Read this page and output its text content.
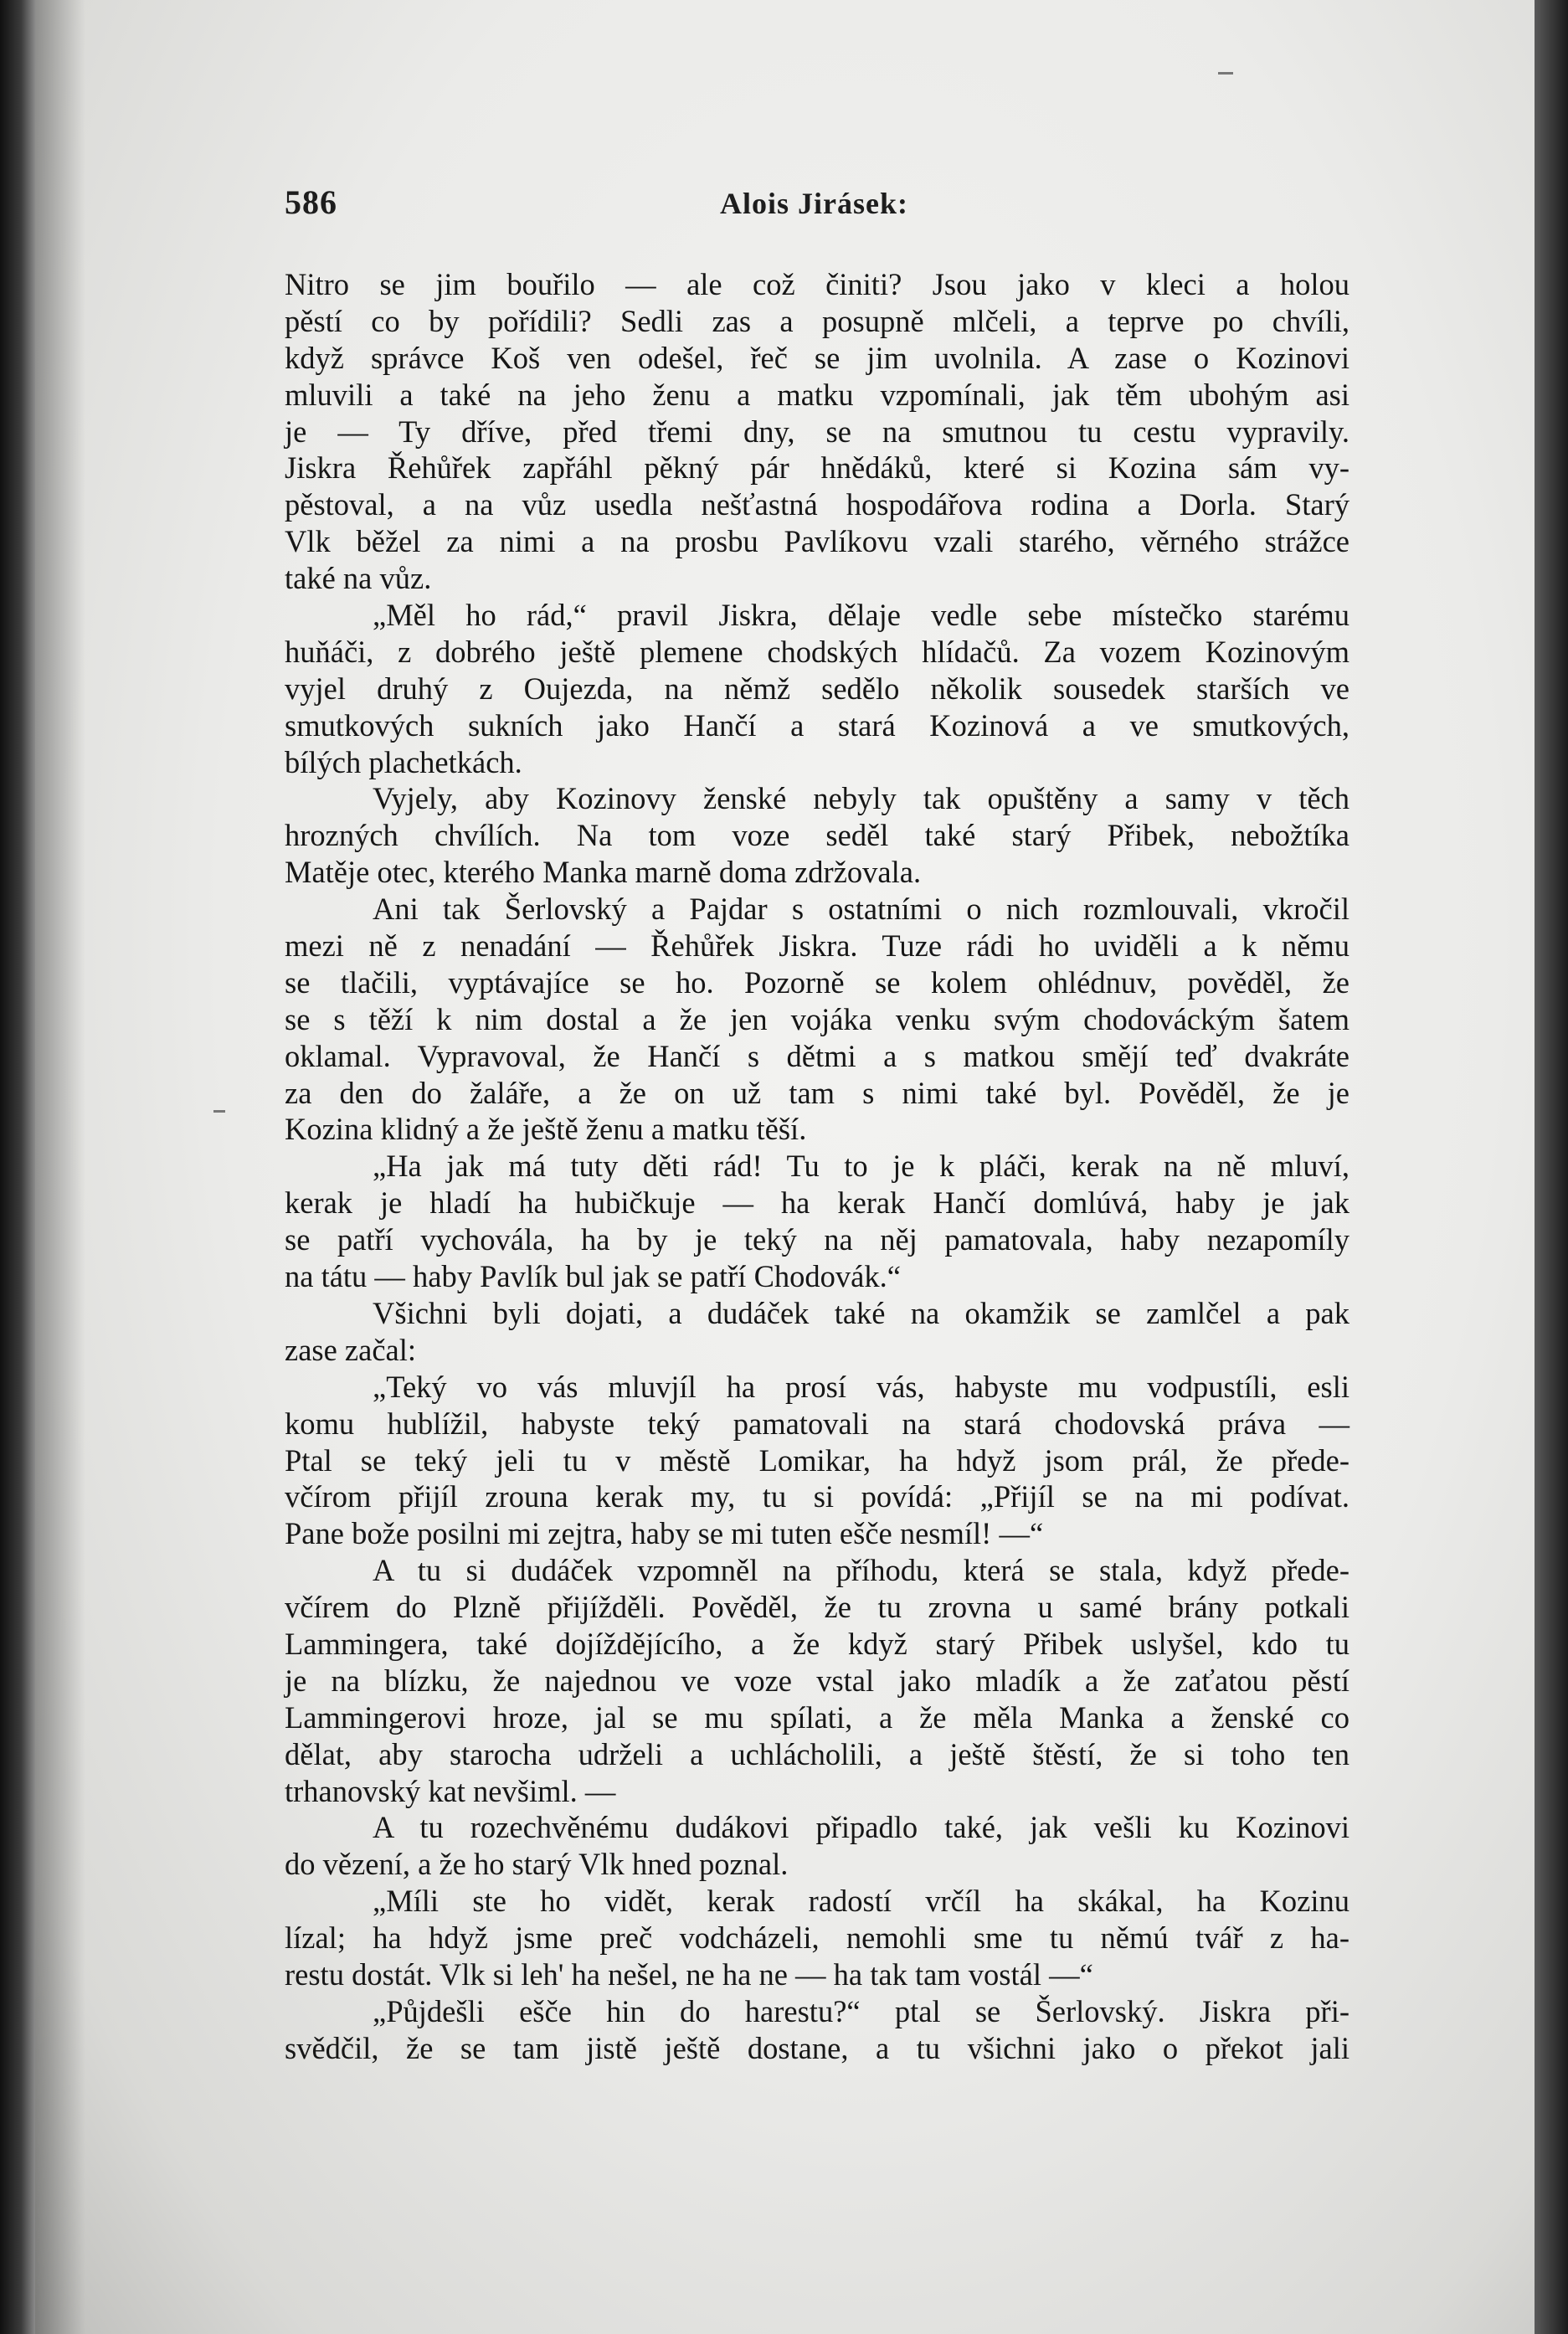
586	Alois Jirásek:
Nitro se jim bouřilo — ale což činiti? Jsou jako v kleci a holou
pěstí co by pořídili? Sedli zas a posupně mlčeli, a teprve po chvíli,
když správce Koš ven odešel, řeč se jim uvolnila. A zase o Kozinovi
mluvili a také na jeho ženu a matku vzpomínali, jak těm ubohým asi
je — Ty dříve, před třemi dny, se na smutnou tu cestu vypravily.
Jiskra Řehůřek zapřáhl pěkný pár hnědáků, které si Kozina sám vy-
pěstoval, a na vůz usedla nešťastná hospodářova rodina a Dorla. Starý
Vlk běžel za nimi a na prosbu Pavlíkovu vzali starého, věrného strážce
také na vůz.
„Měl ho rád,“ pravil Jiskra, dělaje vedle sebe místečko starému
huňáči, z dobrého ještě plemene chodských hlídačů. Za vozem Kozinovým
vyjel druhý z Oujezda, na němž sedělo několik sousedek starších ve
smutkových sukních jako Hančí a stará Kozinová a ve smutkových,
bílých plachetkách.
Vyjely, aby Kozinovy ženské nebyly tak opuštěny a samy v těch
hrozných chvílích. Na tom voze seděl také starý Přibek, nebožtíka
Matěje otec, kterého Manka marně doma zdržovala.
Ani tak Šerlovský a Pajdar s ostatními o nich rozmlouvali, vkročil
mezi ně z nenadání — Řehůřek Jiskra. Tuze rádi ho uviděli a k němu
se tlačili, vyptávajíce se ho. Pozorně se kolem ohlédnuv, pověděl, že
se s těží k nim dostal a že jen vojáka venku svým chodováckým šatem
oklamal. Vypravoval, že Hančí s dětmi a s matkou smějí teď dvakráte
za den do žaláře, a že on už tam s nimi také byl. Pověděl, že je
Kozina klidný a že ještě ženu a matku těší.
„Ha jak má tuty děti rád! Tu to je k pláči, kerak na ně mluví,
kerak je hladí ha hubičkuje — ha kerak Hančí domlúvá, haby je jak
se patří vychovála, ha by je teký na něj pamatovala, haby nezapomíly
na tátu — haby Pavlík bul jak se patří Chodovák.“
Všichni byli dojati, a dudáček také na okamžik se zamlčel a pak
zase začal:
„Teký vo vás mluvjíl ha prosí vás, habyste mu vodpustíli, esli
komu hublížil, habyste teký pamatovali na stará chodovská práva —
Ptal se teký jeli tu v městě Lomikar, ha hdyž jsom prál, že přede-
včírom přijíl zrouna kerak my, tu si povídá: „Přijíl se na mi podívat.
Pane bože posilni mi zejtra, haby se mi tuten ešče nesmíl! —“
A tu si dudáček vzpomněl na příhodu, která se stala, když přede-
včírem do Plzně přijížděli. Pověděl, že tu zrovna u samé brány potkali
Lammingera, také dojíždějícího, a že když starý Přibek uslyšel, kdo tu
je na blízku, že najednou ve voze vstal jako mladík a že zaťatou pěstí
Lammingerovi hroze, jal se mu spílati, a že měla Manka a ženské co
dělat, aby starocha udrželi a uchlácholili, a ještě štěstí, že si toho ten
trhanovský kat nevšiml. —
A tu rozechvěnému dudákovi připadlo také, jak vešli ku Kozinovi
do vězení, a že ho starý Vlk hned poznal.
„Míli ste ho vidět, kerak radostí vrčíl ha skákal, ha Kozinu
lízal; ha hdyž jsme preč vodcházeli, nemohli sme tu němú tvář z ha-
restu dostát. Vlk si leh' ha nešel, ne ha ne — ha tak tam vostál —“
„Půjdešli ešče hin do harestu?“ ptal se Šerlovský. Jiskra při-
svědčil, že se tam jistě ještě dostane, a tu všichni jako o překot jali
